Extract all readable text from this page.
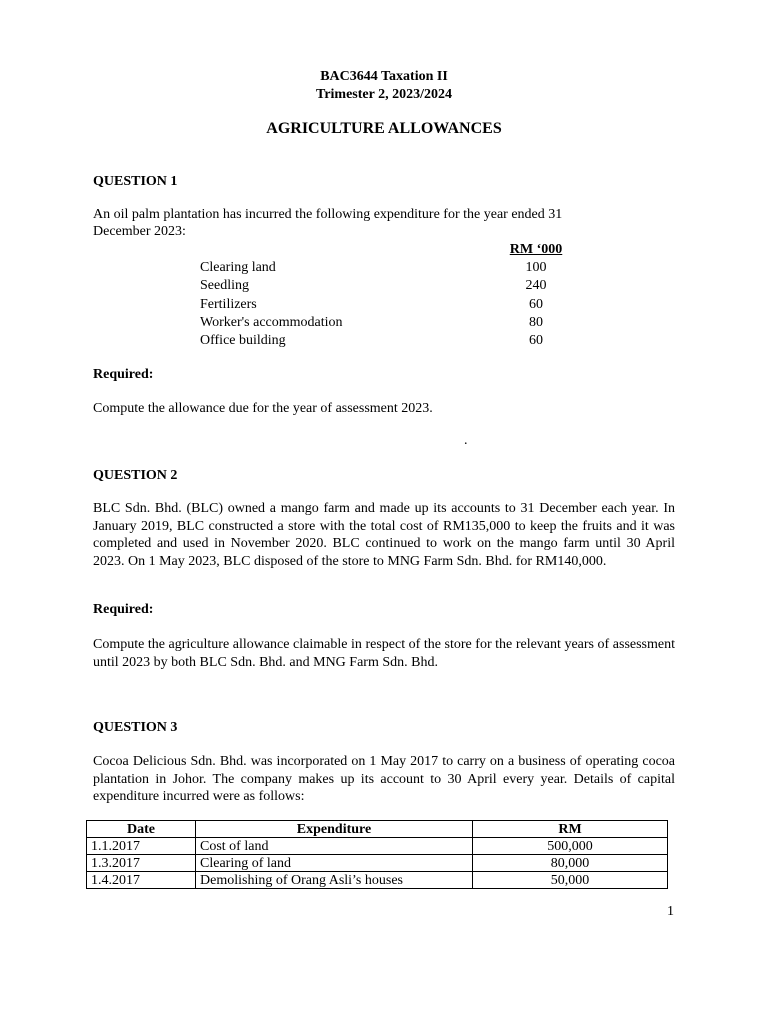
BAC3644 Taxation II
Trimester 2, 2023/2024
AGRICULTURE ALLOWANCES
QUESTION 1
An oil palm plantation has incurred the following expenditure for the year ended 31
December 2023:
RM ‘000
Clearing land	100
Seedling	240
Fertilizers	60
Worker's accommodation	80
Office building	60
Required:
Compute the allowance due for the year of assessment 2023.
.
QUESTION 2
BLC Sdn. Bhd. (BLC) owned a mango farm and made up its accounts to 31 December each year. In January 2019, BLC constructed a store with the total cost of RM135,000 to keep the fruits and it was completed and used in November 2020. BLC continued to work on the mango farm until 30 April 2023. On 1 May 2023, BLC disposed of the store to MNG Farm Sdn. Bhd. for RM140,000.
Required:
Compute the agriculture allowance claimable in respect of the store for the relevant years of assessment until 2023 by both BLC Sdn. Bhd. and MNG Farm Sdn. Bhd.
QUESTION 3
Cocoa Delicious Sdn. Bhd. was incorporated on 1 May 2017 to carry on a business of operating cocoa plantation in Johor. The company makes up its account to 30 April every year. Details of capital expenditure incurred were as follows:
Date	Expenditure	RM
1.1.2017	Cost of land	500,000
1.3.2017	Clearing of land	80,000
1.4.2017	Demolishing of Orang Asli’s houses	50,000
1
